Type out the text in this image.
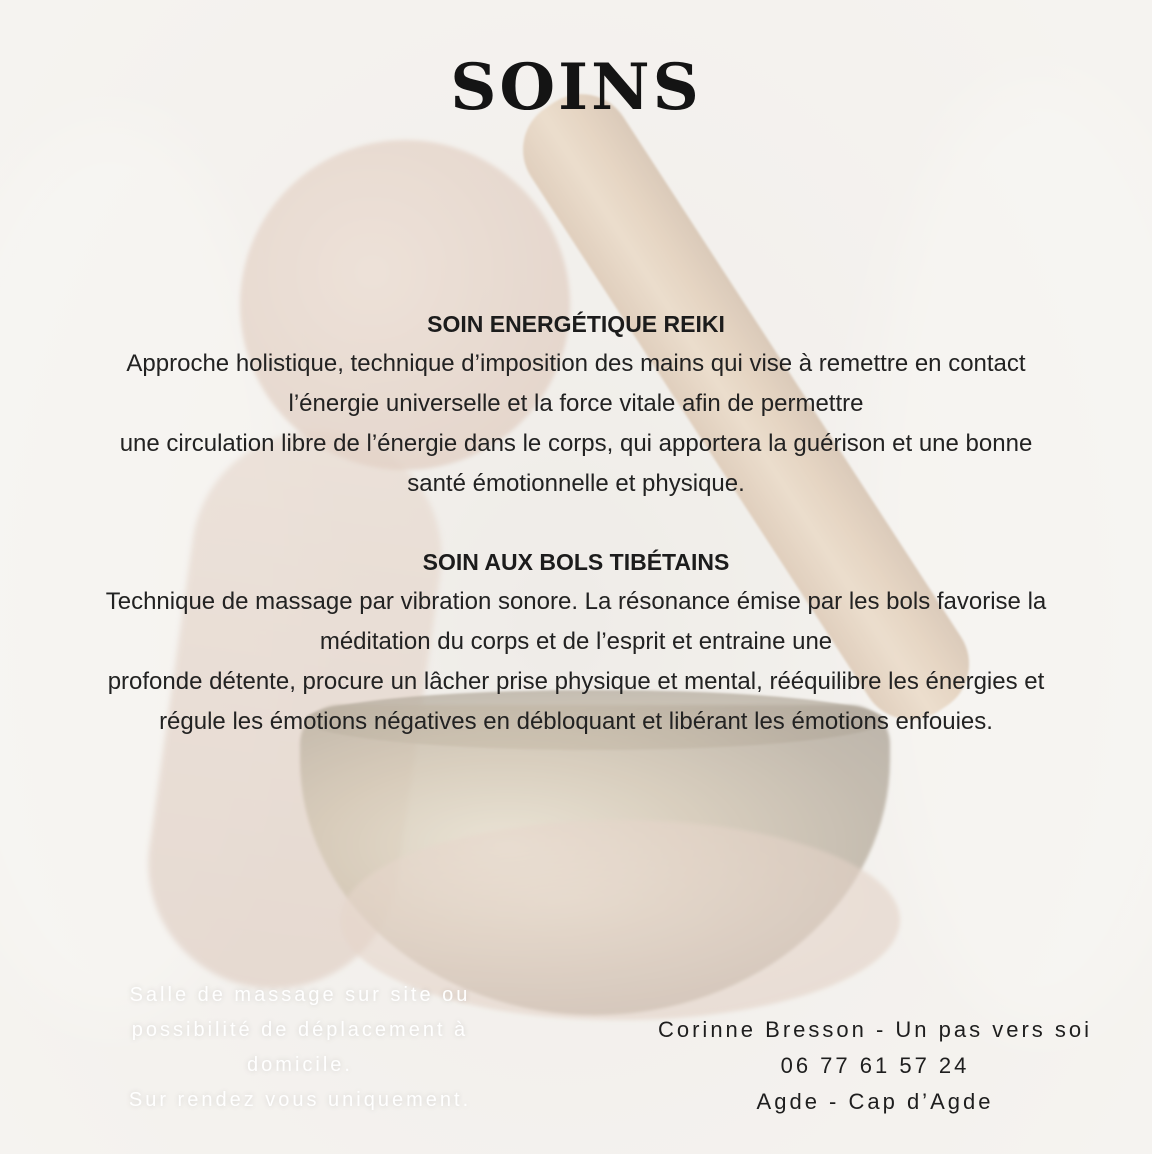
SOINS

SOIN ENERGÉTIQUE REIKI

Approche holistique, technique d’imposition des mains qui vise à remettre en contact

l’énergie universelle et la force vitale afin de permettre

une circulation libre de l’énergie dans le corps, qui apportera la guérison et une bonne

santé émotionnelle et physique.

SOIN AUX BOLS TIBÉTAINS

Technique de massage par vibration sonore. La résonance émise par les bols favorise la

méditation du corps et de l’esprit et entraine une

profonde détente, procure un lâcher prise physique et mental, rééquilibre les énergies et

régule les émotions négatives en débloquant et libérant les émotions enfouies.

Salle de massage sur site ou

possibilité de déplacement à

domicile.

Sur rendez vous uniquement.

Corinne Bresson - Un pas vers soi

06 77 61 57 24

Agde - Cap d’Agde
